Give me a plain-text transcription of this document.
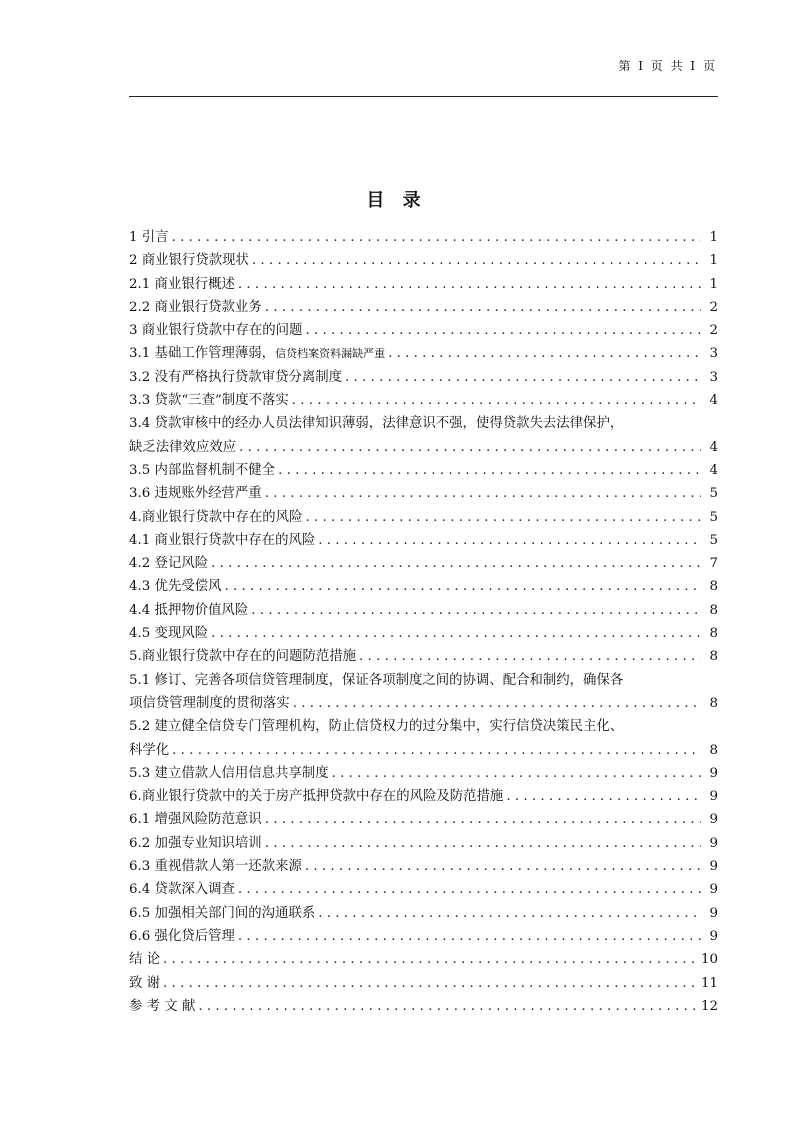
第 I 页 共 I 页
目 录
1 引言 . . .	1
2 商业银行贷款现状 . . .	1
2.1 商业银行概述 . . .	1
2.2 商业银行贷款业务 . . .	2
3 商业银行贷款中存在的问题 . . .	2
3.1 基础工作管理薄弱， 信贷档案资料漏缺严重 . . .	3
3.2 没有严格执行贷款审贷分离制度 . . .	3
3.3 贷款“三查”制度不落实 . . .	4
3.4 贷款审核中的经办人员法律知识薄弱，法律意识不强，使得贷款失去法律保护，
缺乏法律效应效应 . . .	4
3.5 内部监督机制不健全 . . .	4
3.6 违规账外经营严重 . . .	5
4.商业银行贷款中存在的风险 . . .	5
4.1 商业银行贷款中存在的风险 . . .	5
4.2 登记风险 . . .	7
4.3 优先受偿风 . . .	8
4.4 抵押物价值风险 . . .	8
4.5 变现风险 . . .	8
5.商业银行贷款中存在的问题防范措施 . . .	8
5.1 修订、完善各项信贷管理制度，保证各项制度之间的协调、配合和制约，确保各
项信贷管理制度的贯彻落实 . . .	8
5.2 建立健全信贷专门管理机构，防止信贷权力的过分集中，实行信贷决策民主化、
科学化 . . .	8
5.3 建立借款人信用信息共享制度 . . .	9
6.商业银行贷款中的关于房产抵押贷款中存在的风险及防范措施 . . .	9
6.1 增强风险防范意识 . . .	9
6.2 加强专业知识培训 . . .	9
6.3 重视借款人第一还款来源 . . .	9
6.4 贷款深入调查 . . .	9
6.5 加强相关部门间的沟通联系 . . .	9
6.6 强化贷后管理 . . .	9
结 论 . . .	10
致 谢 . . .	11
参 考 文 献 . . .	12
